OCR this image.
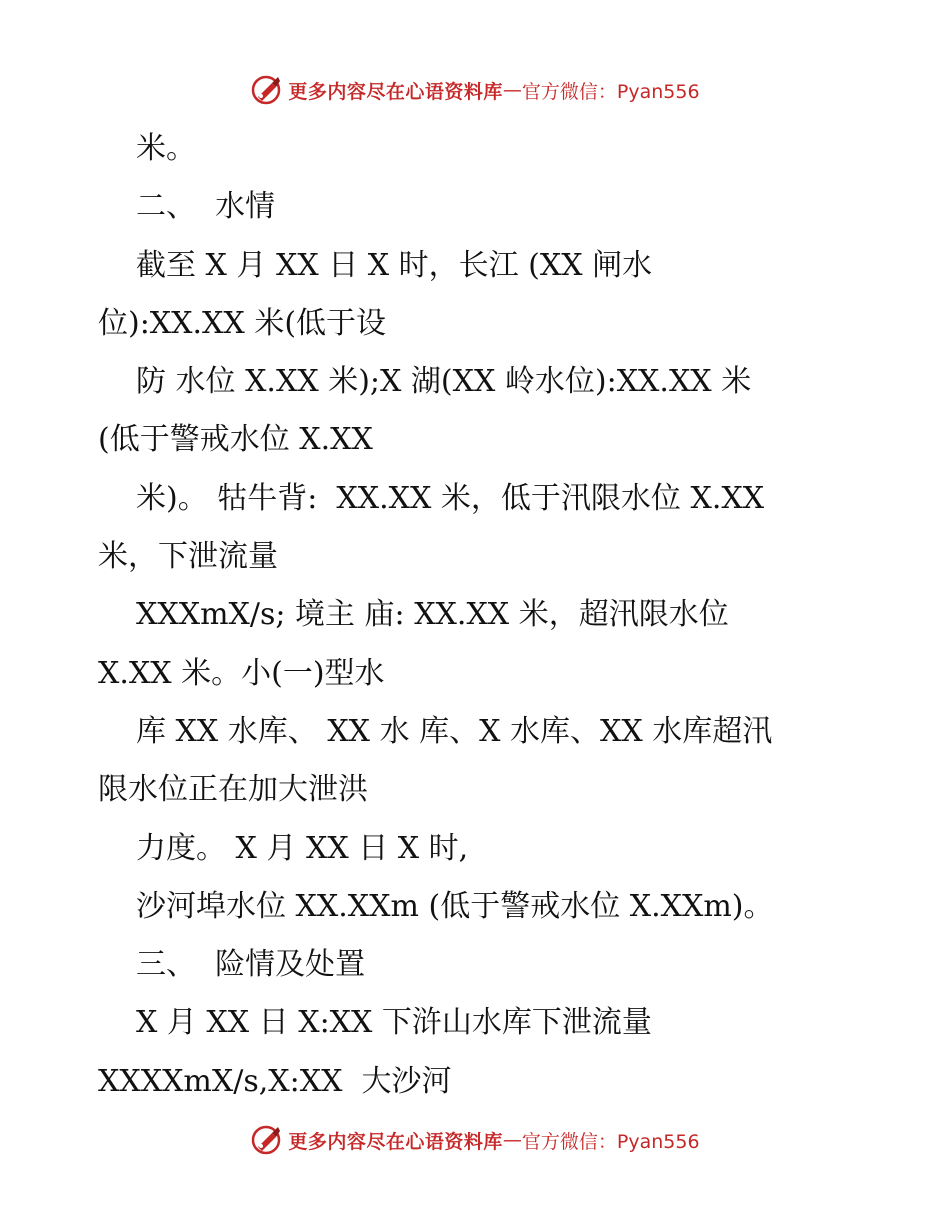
更多内容尽在心语资料库 — 官方微信：Pyan556
米。
二、  水情
截至 X 月 XX 日 X 时，长江 (XX 闸水
位):XX.XX 米(低于设
防 水位 X.XX 米);X 湖(XX 岭水位):XX.XX 米
(低于警戒水位 X.XX
米)。 牯牛背:  XX.XX 米，低于汛限水位 X.XX
米，下泄流量
XXXmX/s; 境主 庙: XX.XX 米，超汛限水位
X.XX 米。小(一)型水
库 XX 水库、 XX 水 库、X 水库、XX 水库超汛
限水位正在加大泄洪
力度。 X 月 XX 日 X 时,
沙河埠水位 XX.XXm (低于警戒水位 X.XXm)。
三、  险情及处置
X 月 XX 日 X:XX 下浒山水库下泄流量
XXXXmX/s,X:XX  大沙河
更多内容尽在心语资料库 — 官方微信：Pyan556
